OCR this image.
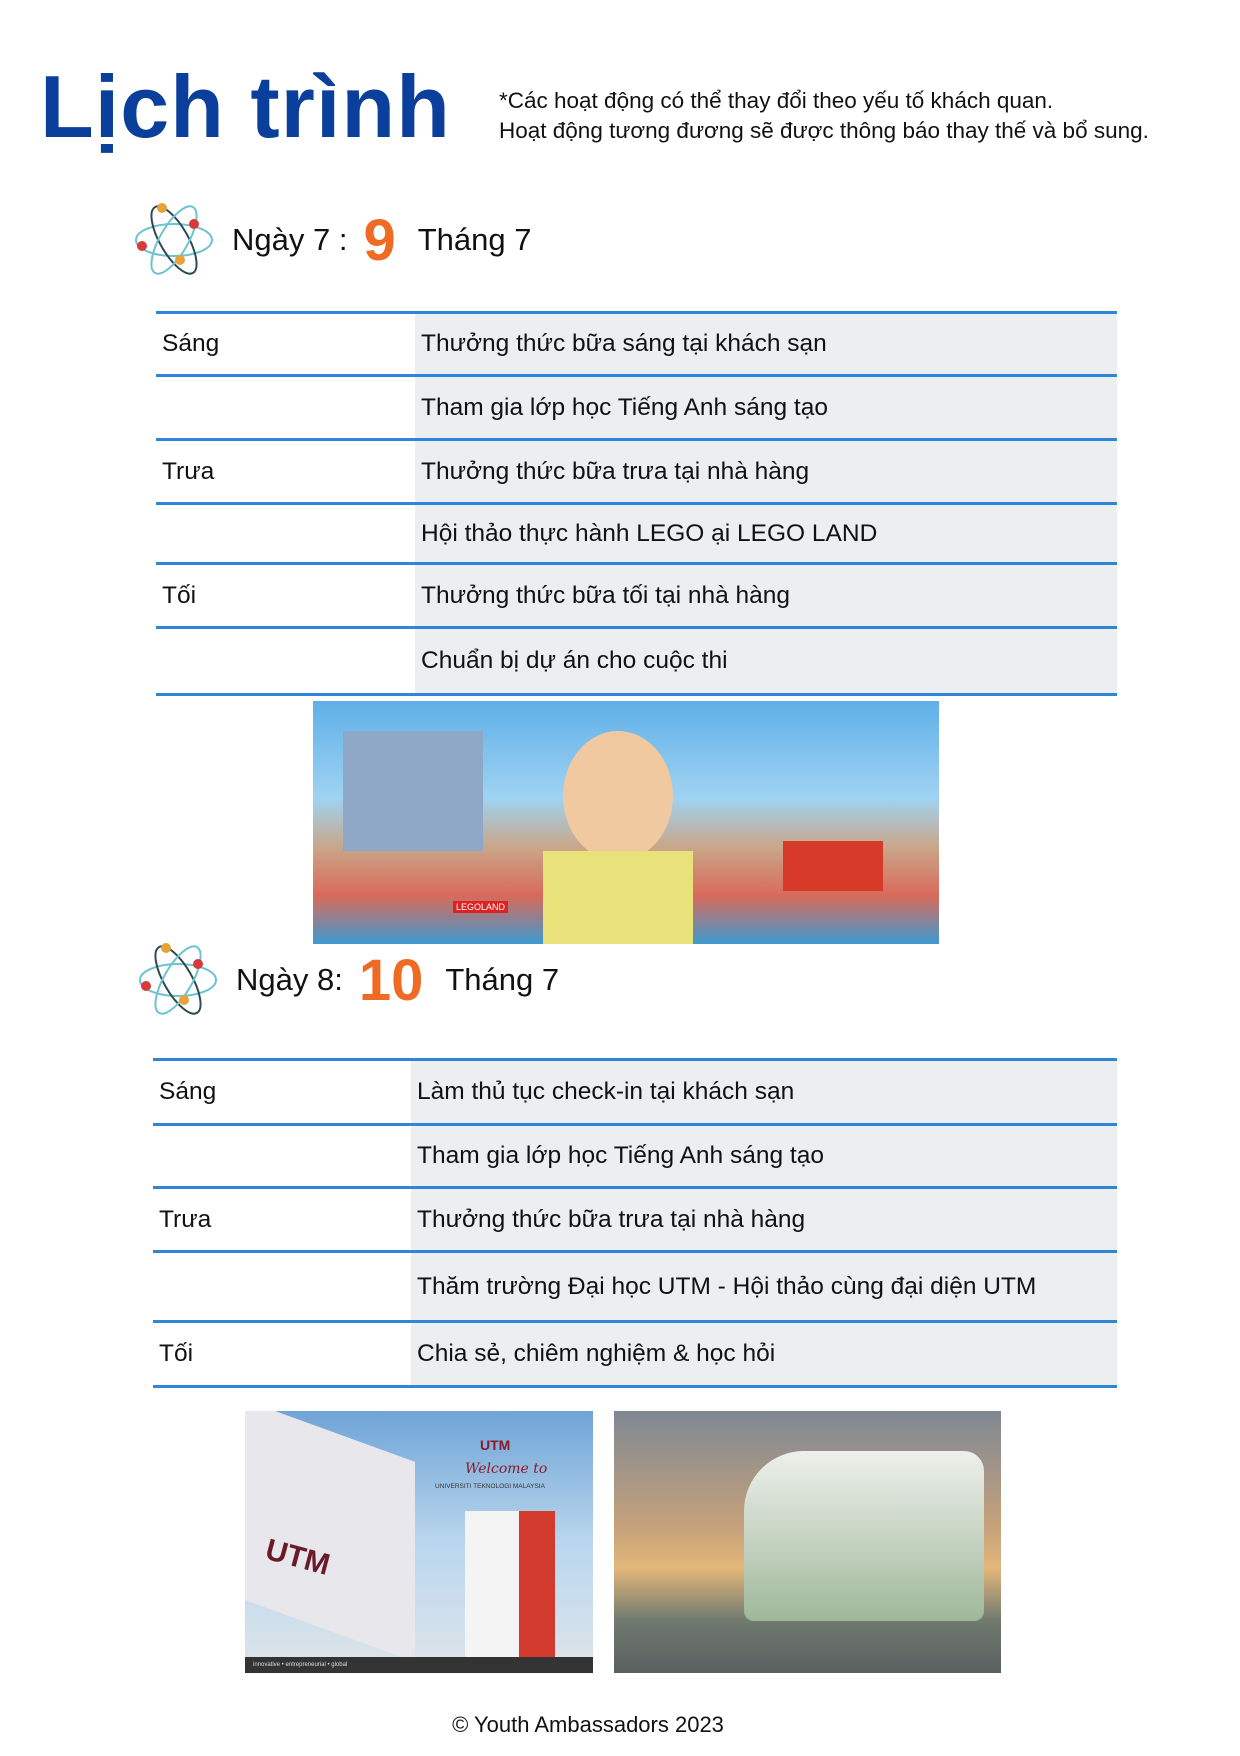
Lịch trình *Các hoạt động có thể thay đổi theo yếu tố khách quan.
Hoạt động tương đương sẽ được thông báo thay thế và bổ sung.
Ngày 7 : 9 Tháng 7
Sáng	Thưởng thức bữa sáng tại khách sạn
Tham gia lớp học Tiếng Anh sáng tạo
Trưa	Thưởng thức bữa trưa tại nhà hàng
Hội thảo thực hành LEGO ại LEGO LAND
Tối	Thưởng thức bữa tối tại nhà hàng
Chuẩn bị dự án cho cuộc thi
LEGOLAND
Ngày 8: 10 Tháng 7
Sáng	Làm thủ tục check-in tại khách sạn
Tham gia lớp học Tiếng Anh sáng tạo
Trưa	Thưởng thức bữa trưa tại nhà hàng
Thăm trường Đại học UTM - Hội thảo cùng đại diện UTM
Tối	Chia sẻ, chiêm nghiệm & học hỏi
UTM
UTM
Welcome to
UNIVERSITI TEKNOLOGI MALAYSIA
innovative • entrepreneurial • global
© Youth Ambassadors 2023
